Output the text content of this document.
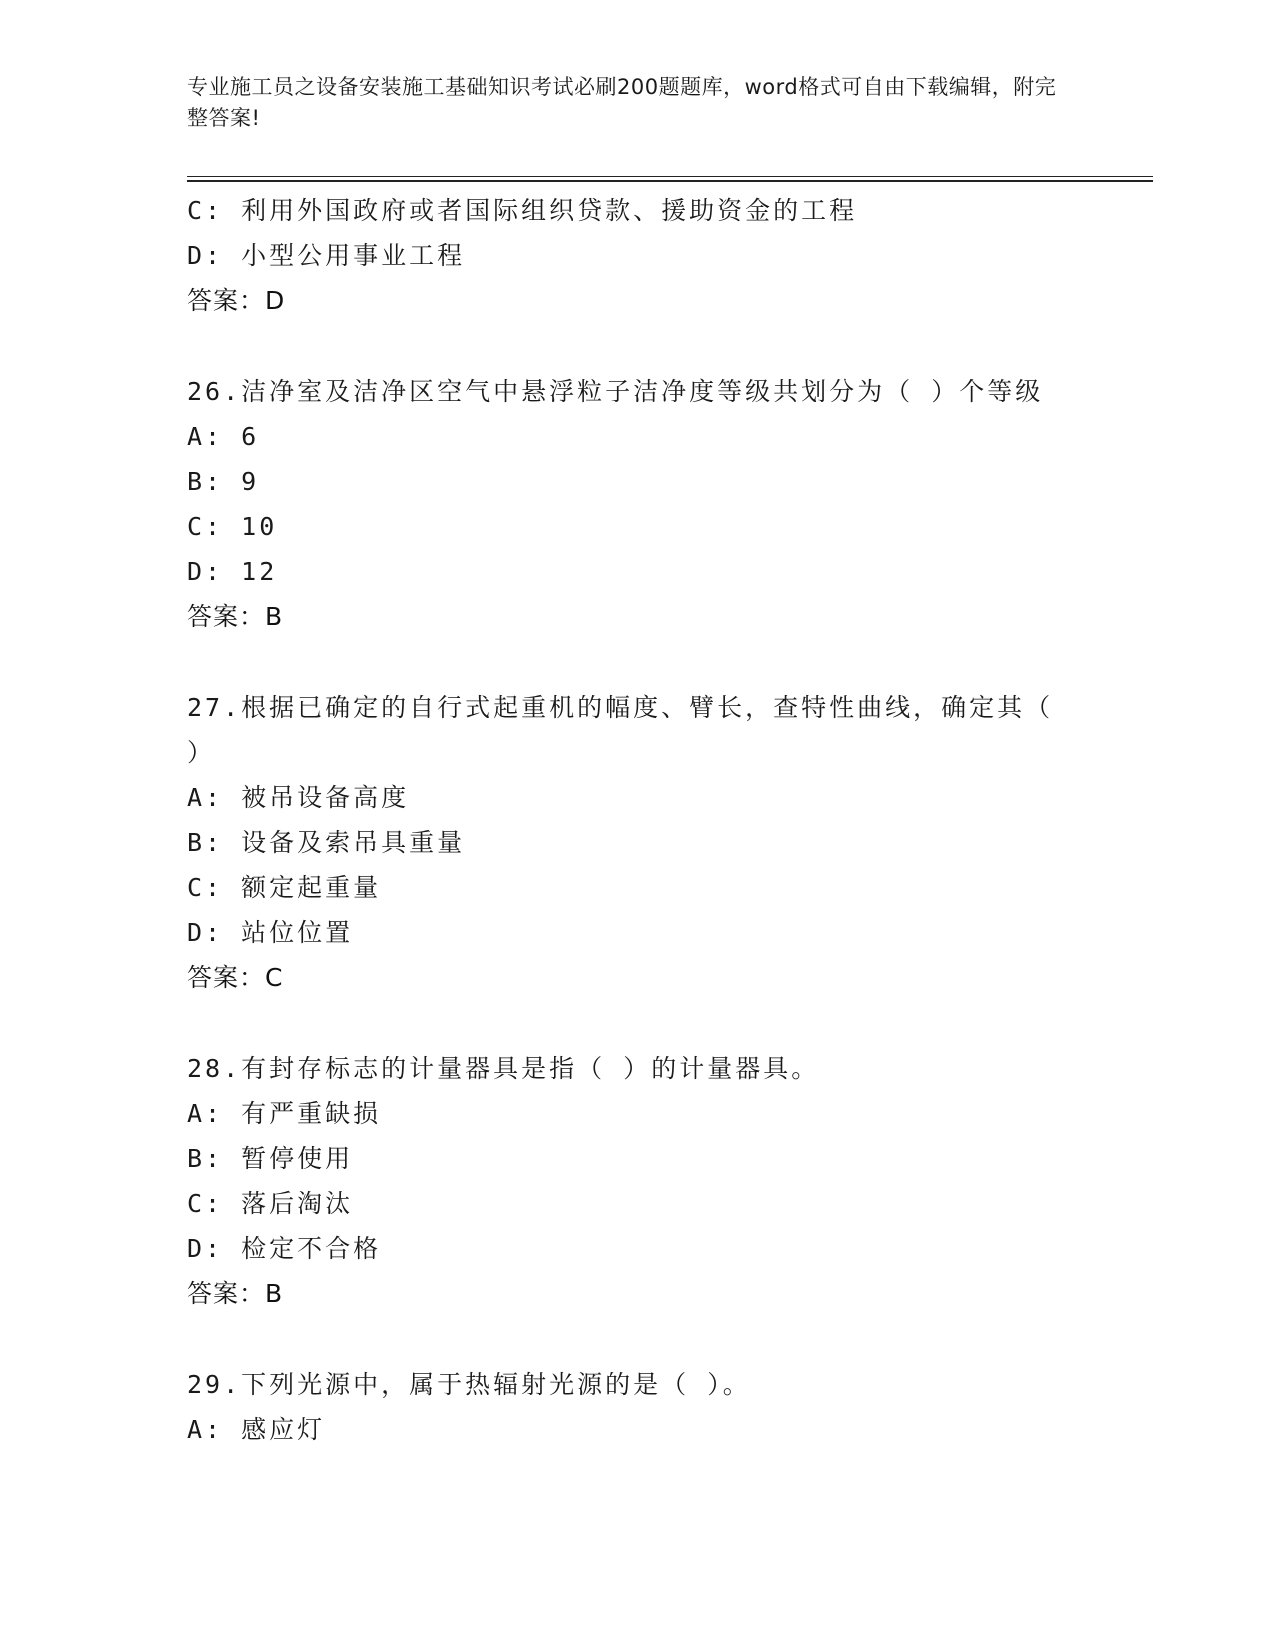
专业施工员之设备安装施工基础知识考试必刷200题题库，word格式可自由下载编辑，附完整答案!
C: 利用外国政府或者国际组织贷款、援助资金的工程
D: 小型公用事业工程
答案：D
26.洁净室及洁净区空气中悬浮粒子洁净度等级共划分为（ ）个等级
A: 6
B: 9
C: 10
D: 12
答案：B
27.根据已确定的自行式起重机的幅度、臂长，查特性曲线，确定其（ ）
A: 被吊设备高度
B: 设备及索吊具重量
C: 额定起重量
D: 站位位置
答案：C
28.有封存标志的计量器具是指（ ）的计量器具。
A: 有严重缺损
B: 暂停使用
C: 落后淘汰
D: 检定不合格
答案：B
29.下列光源中，属于热辐射光源的是（ ）。
A: 感应灯
